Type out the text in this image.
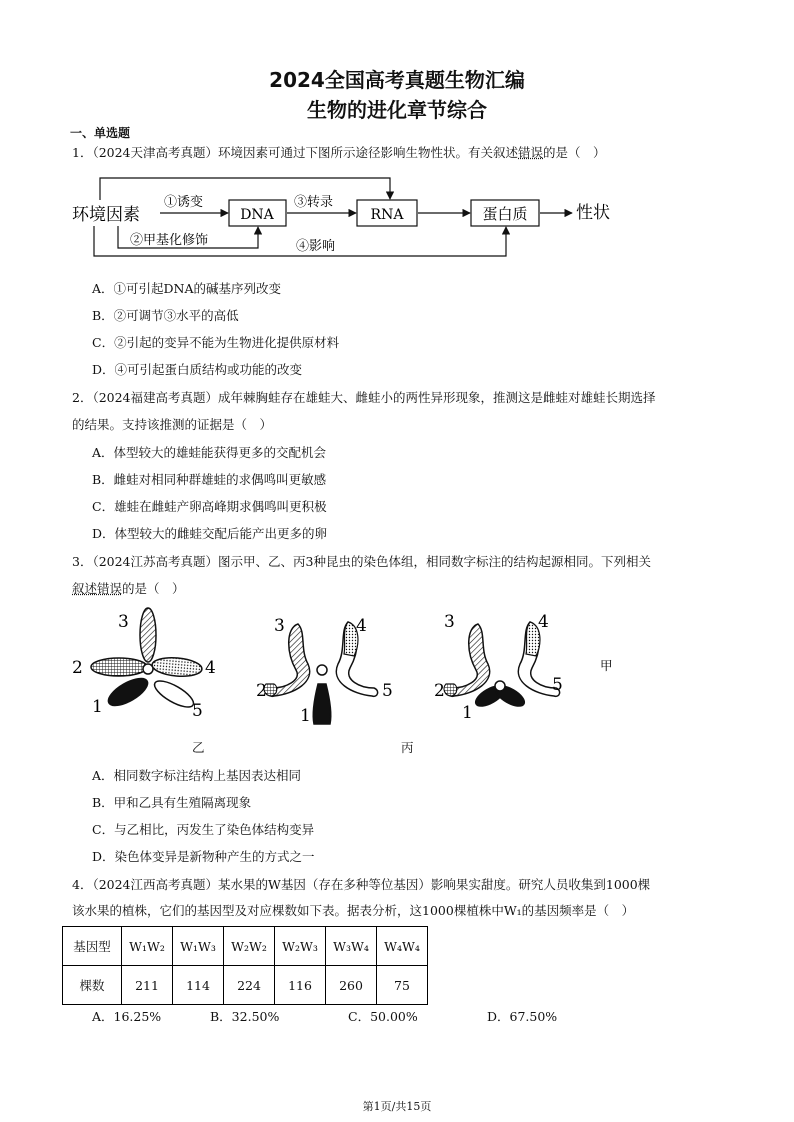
2024全国高考真题生物汇编
生物的进化章节综合
一、单选题
1．（2024天津高考真题）环境因素可通过下图所示途径影响生物性状。有关叙述错误的是（　）
环境因素	DNA	RNA	蛋白质	性状
①诱变	③转录
②甲基化修饰	④影响
A．①可引起DNA的碱基序列改变
B．②可调节③水平的高低
C．②引起的变异不能为生物进化提供原材料
D．④可引起蛋白质结构或功能的改变
2．（2024福建高考真题）成年棘胸蛙存在雄蛙大、雌蛙小的两性异形现象，推测这是雌蛙对雄蛙长期选择
的结果。支持该推测的证据是（　）
A．体型较大的雄蛙能获得更多的交配机会
B．雌蛙对相同种群雄蛙的求偶鸣叫更敏感
C．雄蛙在雌蛙产卵高峰期求偶鸣叫更积极
D．体型较大的雌蛙交配后能产出更多的卵
3．（2024江苏高考真题）图示甲、乙、丙3种昆虫的染色体组，相同数字标注的结构起源相同。下列相关
叙述错误的是（　）
3
2	4
1	5
3	4
2	5
1
3	4
2	5
1
甲
乙	丙
A．相同数字标注结构上基因表达相同
B．甲和乙具有生殖隔离现象
C．与乙相比，丙发生了染色体结构变异
D．染色体变异是新物种产生的方式之一
4．（2024江西高考真题）某水果的W基因（存在多种等位基因）影响果实甜度。研究人员收集到1000棵
该水果的植株，它们的基因型及对应棵数如下表。据表分析，这1000棵植株中W₁的基因频率是（　）
基因型	W₁W₂	W₁W₃	W₂W₂	W₂W₃	W₃W₄	W₄W₄
棵数	211	114	224	116	260	75
A．16.25%	B．32.50%	C．50.00%	D．67.50%
第1页/共15页
